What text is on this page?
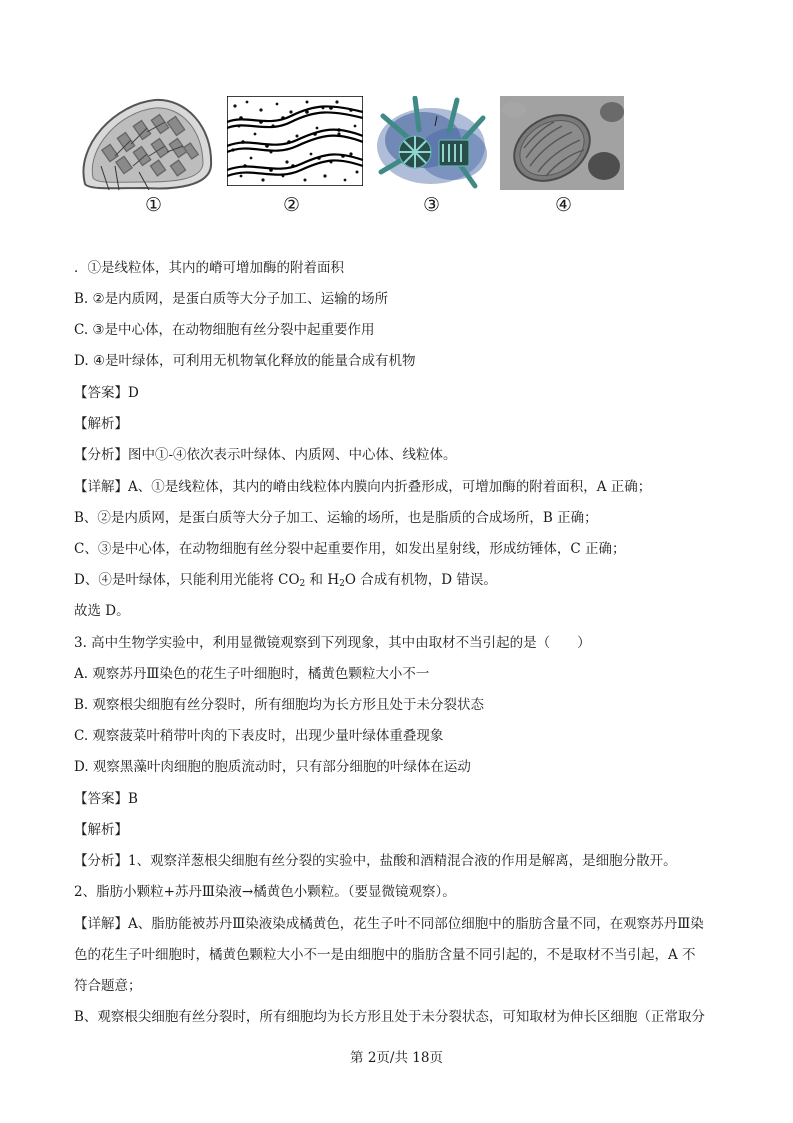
①	②	③	④
．①是线粒体，其内的嵴可增加酶的附着面积
B. ②是内质网，是蛋白质等大分子加工、运输的场所
C. ③是中心体，在动物细胞有丝分裂中起重要作用
D. ④是叶绿体，可利用无机物氧化释放的能量合成有机物
【答案】D
【解析】
【分析】图中①-④依次表示叶绿体、内质网、中心体、线粒体。
【详解】A、①是线粒体，其内的嵴由线粒体内膜向内折叠形成，可增加酶的附着面积，A 正确；
B、②是内质网，是蛋白质等大分子加工、运输的场所，也是脂质的合成场所，B 正确；
C、③是中心体，在动物细胞有丝分裂中起重要作用，如发出星射线，形成纺锤体，C 正确；
D、④是叶绿体，只能利用光能将 $CO_2$ 和 $H_2O$ 合成有机物，D 错误。
故选 D。
3. 高中生物学实验中，利用显微镜观察到下列现象，其中由取材不当引起的是（　　）
A. 观察苏丹Ⅲ染色的花生子叶细胞时，橘黄色颗粒大小不一
B. 观察根尖细胞有丝分裂时，所有细胞均为长方形且处于未分裂状态
C. 观察菠菜叶稍带叶肉的下表皮时，出现少量叶绿体重叠现象
D. 观察黑藻叶肉细胞的胞质流动时，只有部分细胞的叶绿体在运动
【答案】B
【解析】
【分析】1、观察洋葱根尖细胞有丝分裂的实验中，盐酸和酒精混合液的作用是解离，是细胞分散开。
2、脂肪小颗粒+苏丹Ⅲ染液→橘黄色小颗粒。（要显微镜观察）。
【详解】A、脂肪能被苏丹Ⅲ染液染成橘黄色，花生子叶不同部位细胞中的脂肪含量不同，在观察苏丹Ⅲ染
色的花生子叶细胞时，橘黄色颗粒大小不一是由细胞中的脂肪含量不同引起的，不是取材不当引起，A 不
符合题意；
B、观察根尖细胞有丝分裂时，所有细胞均为长方形且处于未分裂状态，可知取材为伸长区细胞（正常取分
第 2页/共 18页
